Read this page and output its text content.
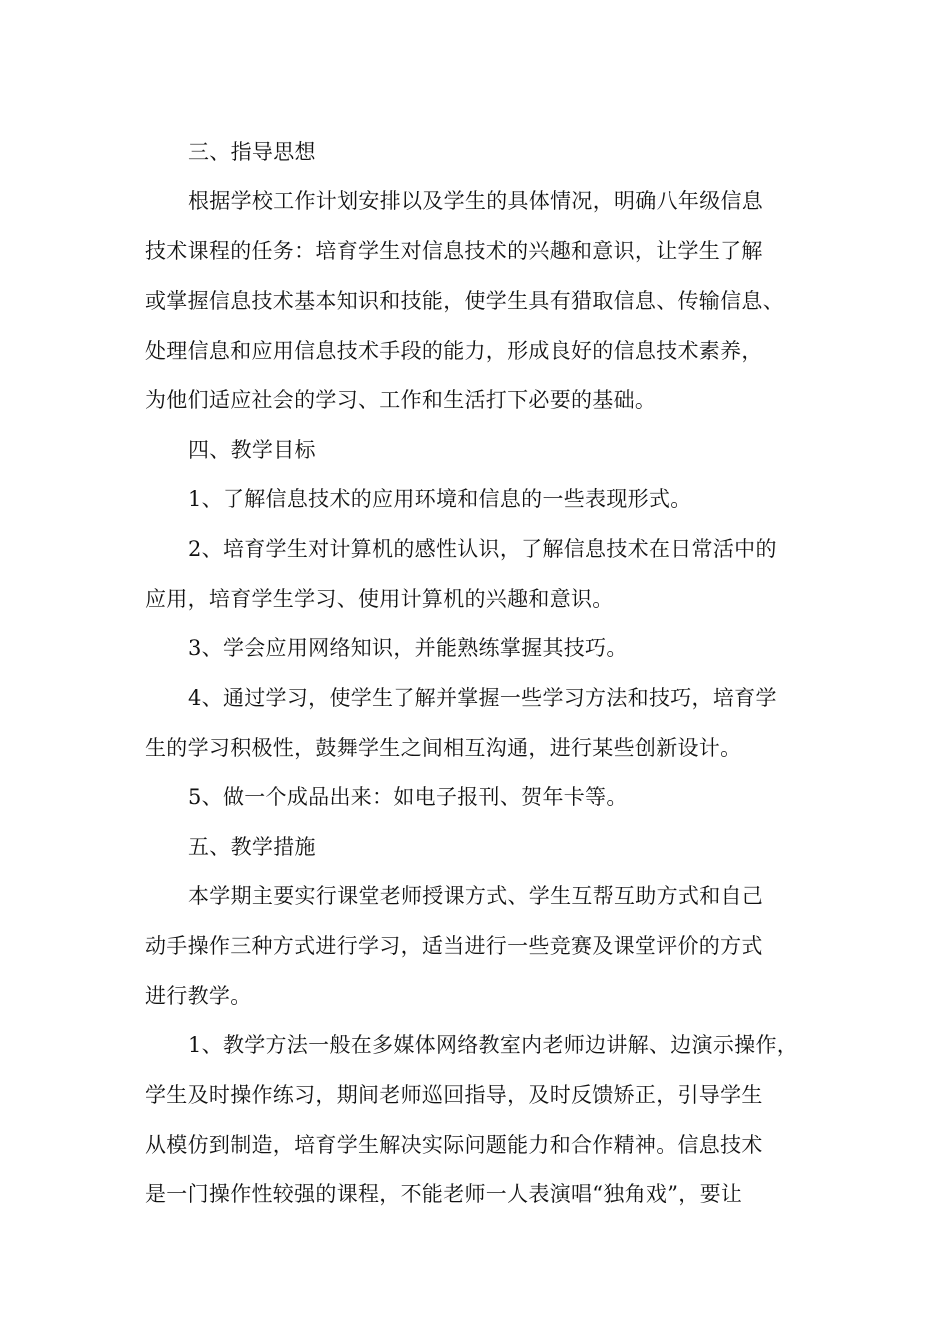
三、指导思想
根据学校工作计划安排以及学生的具体情况，明确八年级信息
技术课程的任务：培育学生对信息技术的兴趣和意识，让学生了解
或掌握信息技术基本知识和技能，使学生具有猎取信息、传输信息、
处理信息和应用信息技术手段的能力，形成良好的信息技术素养，
为他们适应社会的学习、工作和生活打下必要的基础。
四、教学目标
1、了解信息技术的应用环境和信息的一些表现形式。
2、培育学生对计算机的感性认识，了解信息技术在日常活中的
应用，培育学生学习、使用计算机的兴趣和意识。
3、学会应用网络知识，并能熟练掌握其技巧。
4、通过学习，使学生了解并掌握一些学习方法和技巧，培育学
生的学习积极性，鼓舞学生之间相互沟通，进行某些创新设计。
5、做一个成品出来：如电子报刊、贺年卡等。
五、教学措施
本学期主要实行课堂老师授课方式、学生互帮互助方式和自己
动手操作三种方式进行学习，适当进行一些竞赛及课堂评价的方式
进行教学。
1、教学方法一般在多媒体网络教室内老师边讲解、边演示操作，
学生及时操作练习，期间老师巡回指导，及时反馈矫正，引导学生
从模仿到制造，培育学生解决实际问题能力和合作精神。信息技术
是一门操作性较强的课程，不能老师一人表演唱“独角戏”，要让
